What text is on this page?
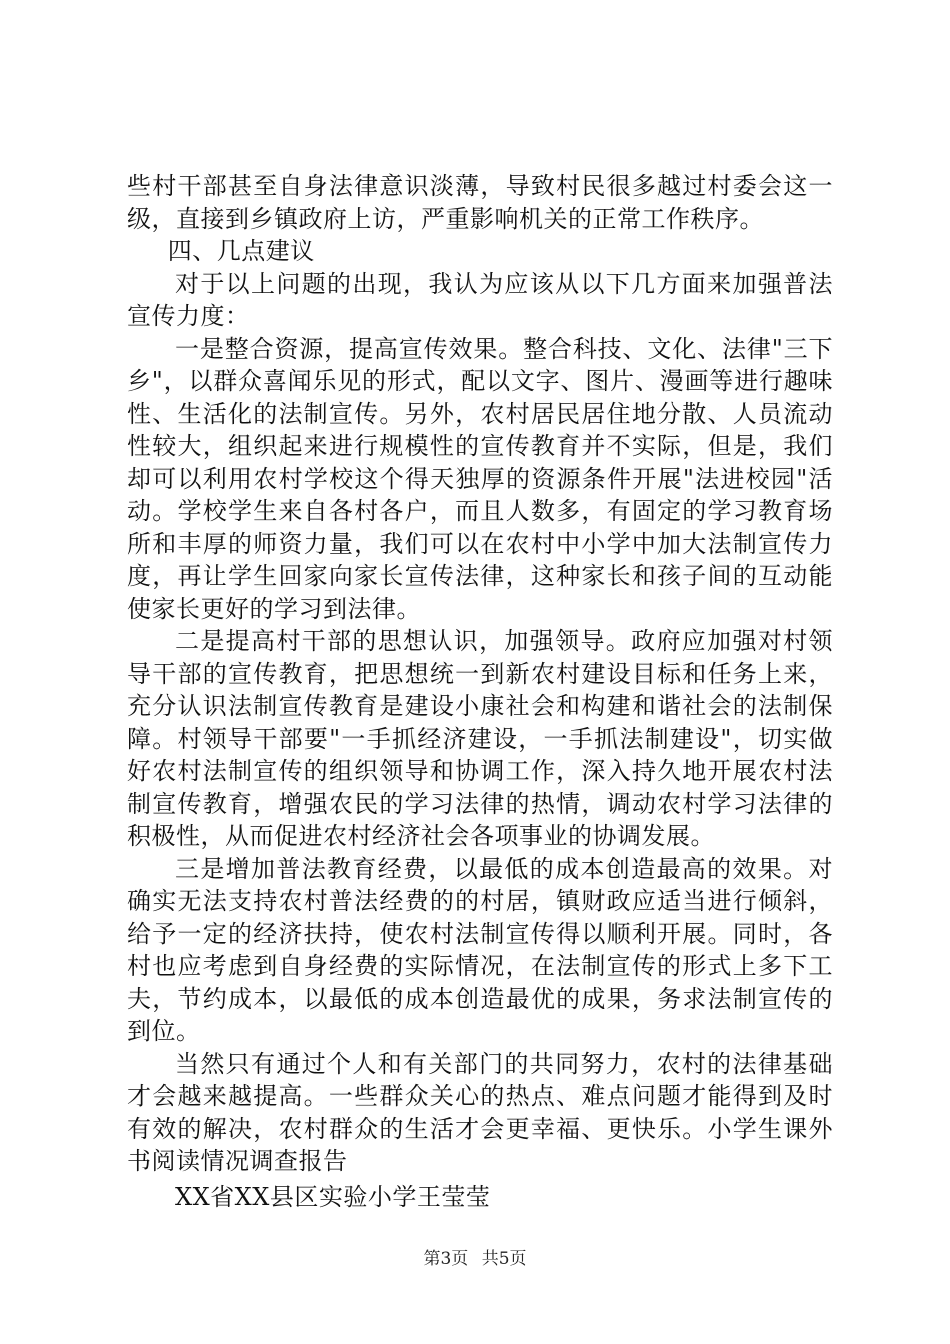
些村干部甚至自身法律意识淡薄，导致村民很多越过村委会这一级，直接到乡镇政府上访，严重影响机关的正常工作秩序。

四、几点建议

对于以上问题的出现，我认为应该从以下几方面来加强普法宣传力度：

一是整合资源，提高宣传效果。整合科技、文化、法律"三下乡"，以群众喜闻乐见的形式，配以文字、图片、漫画等进行趣味性、生活化的法制宣传。另外，农村居民居住地分散、人员流动性较大，组织起来进行规模性的宣传教育并不实际，但是，我们却可以利用农村学校这个得天独厚的资源条件开展"法进校园"活动。学校学生来自各村各户，而且人数多，有固定的学习教育场所和丰厚的师资力量，我们可以在农村中小学中加大法制宣传力度，再让学生回家向家长宣传法律，这种家长和孩子间的互动能使家长更好的学习到法律。

二是提高村干部的思想认识，加强领导。政府应加强对村领导干部的宣传教育，把思想统一到新农村建设目标和任务上来，充分认识法制宣传教育是建设小康社会和构建和谐社会的法制保障。村领导干部要"一手抓经济建设，一手抓法制建设"，切实做好农村法制宣传的组织领导和协调工作，深入持久地开展农村法制宣传教育，增强农民的学习法律的热情，调动农村学习法律的积极性，从而促进农村经济社会各项事业的协调发展。

三是增加普法教育经费，以最低的成本创造最高的效果。对确实无法支持农村普法经费的的村居，镇财政应适当进行倾斜，给予一定的经济扶持，使农村法制宣传得以顺利开展。同时，各村也应考虑到自身经费的实际情况，在法制宣传的形式上多下工夫，节约成本，以最低的成本创造最优的成果，务求法制宣传的到位。

当然只有通过个人和有关部门的共同努力，农村的法律基础才会越来越提高。一些群众关心的热点、难点问题才能得到及时有效的解决，农村群众的生活才会更幸福、更快乐。小学生课外书阅读情况调查报告

XX省XX县区实验小学王莹莹

第3页 共5页
